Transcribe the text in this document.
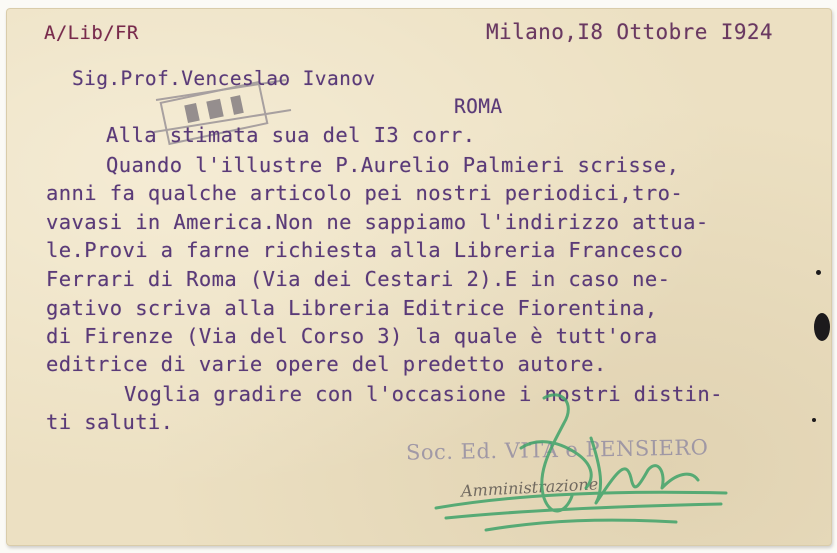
A/Lib/FR	Milano,I8 Ottobre I924
Sig.Prof.Venceslao Ivanov
ROMA
Alla stimata sua del I3 corr.
Quando l'illustre P.Aurelio Palmieri scrisse,
anni fa qualche articolo pei nostri periodici,tro-
vavasi in America.Non ne sappiamo l'indirizzo attua-
le.Provi a farne richiesta alla Libreria Francesco
Ferrari di Roma (Via dei Cestari 2).E in caso ne-
gativo scriva alla Libreria Editrice Fiorentina,
di Firenze (Via del Corso 3) la quale è tutt'ora
editrice di varie opere del predetto autore.
Voglia gradire con l'occasione i nostri distin-
ti saluti.
Soc. Ed. VITA e PENSIERO
Amministrazione
